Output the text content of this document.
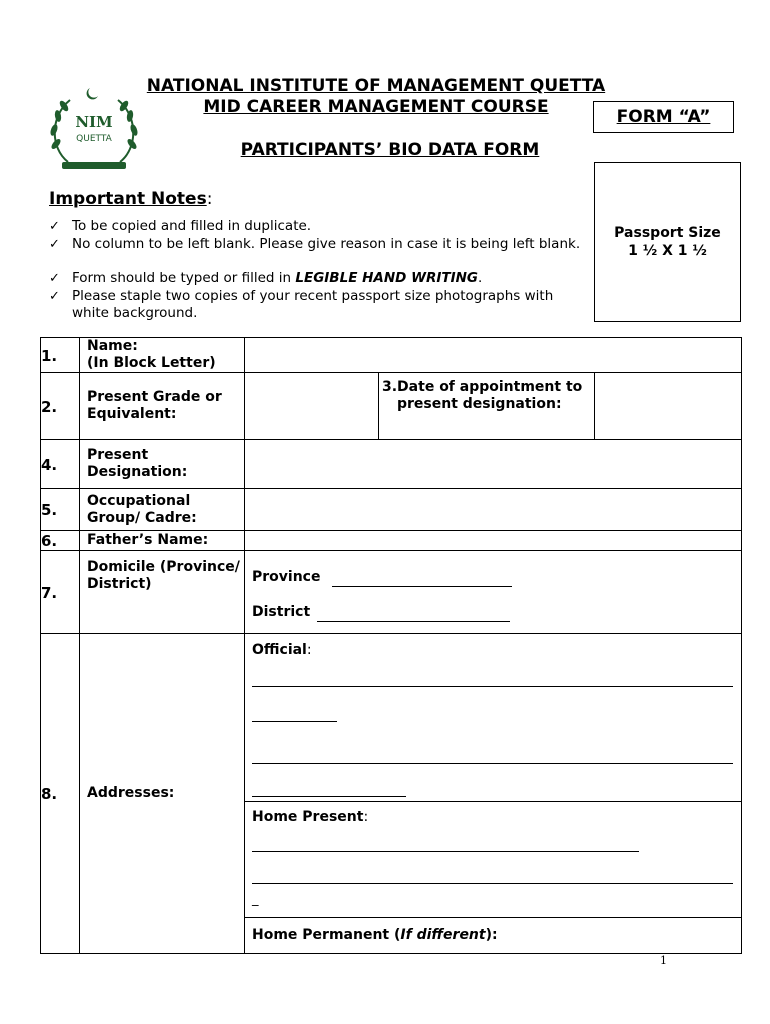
NIM
QUETTA
NATIONAL INSTITUTE OF MANAGEMENT QUETTA
MID CAREER MANAGEMENT COURSE	FORM “A”
PARTICIPANTS’ BIO DATA FORM
Passport Size
1 ½ X 1 ½
Important Notes:
✓ To be copied and filled in duplicate.
✓ No column to be left blank. Please give reason in case it is being left blank.
✓ Form should be typed or filled in LEGIBLE HAND WRITING.
✓ Please staple two copies of your recent passport size photographs with white background.
1.	Name:
(In Block Letter)			

2.	Present Grade or Equivalent:		3.Date of appointment to present designation:	

4.	Present Designation:			

5.	Occupational Group/ Cadre:			

6.	Father’s Name:			

7.	Domicile (Province/ District)	Province
District		

8.	Addresses:	Official:		

		Home Present:
_		

		Home Permanent (If different):		
1
